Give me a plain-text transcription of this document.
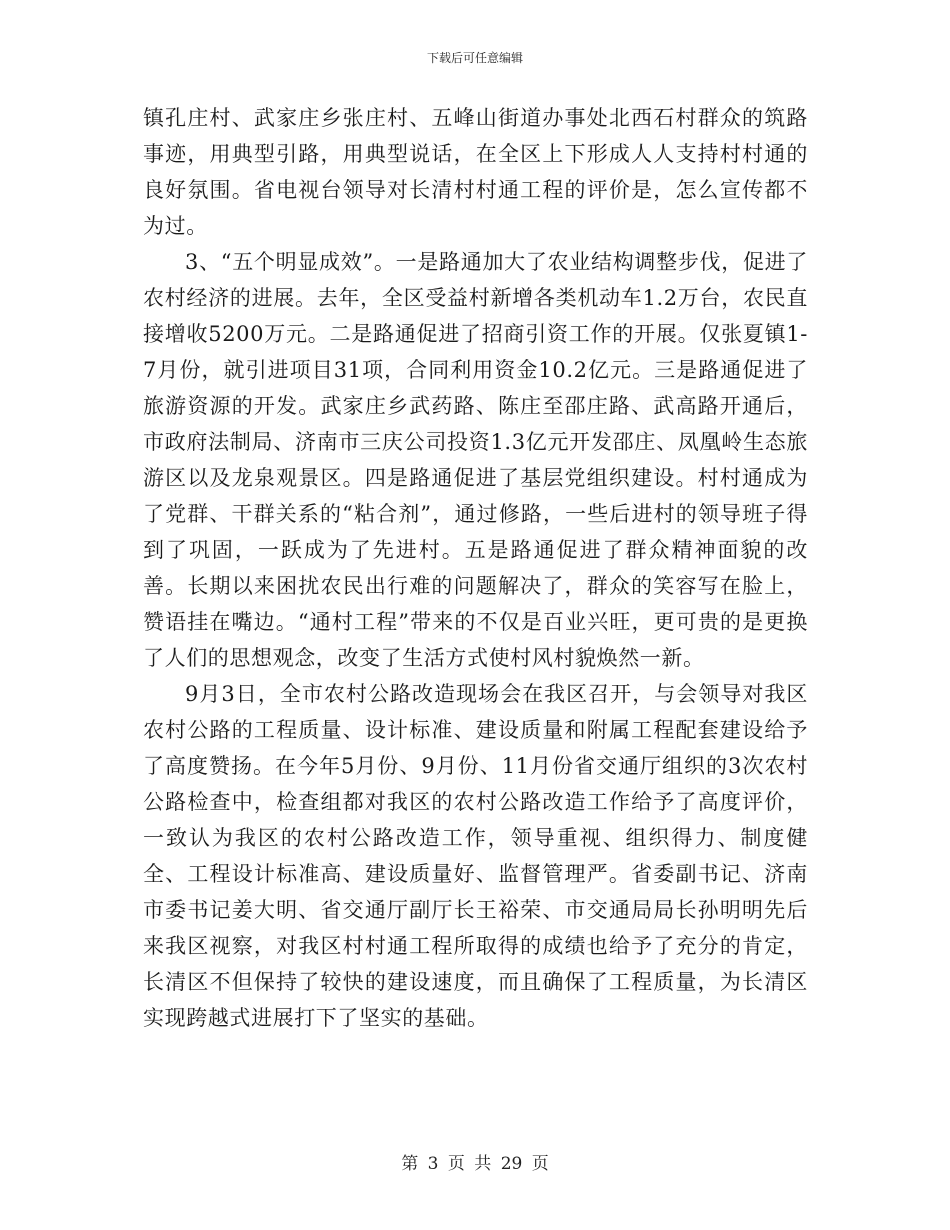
下载后可任意编辑

镇孔庄村、武家庄乡张庄村、五峰山街道办事处北西石村群众的筑路事迹，用典型引路，用典型说话，在全区上下形成人人支持村村通的良好氛围。省电视台领导对长清村村通工程的评价是，怎么宣传都不为过。

3、“五个明显成效”。一是路通加大了农业结构调整步伐，促进了农村经济的进展。去年，全区受益村新增各类机动车1.2万台，农民直接增收5200万元。二是路通促进了招商引资工作的开展。仅张夏镇1-7月份，就引进项目31项，合同利用资金10.2亿元。三是路通促进了旅游资源的开发。武家庄乡武药路、陈庄至邵庄路、武高路开通后，市政府法制局、济南市三庆公司投资1.3亿元开发邵庄、凤凰岭生态旅游区以及龙泉观景区。四是路通促进了基层党组织建设。村村通成为了党群、干群关系的“粘合剂”，通过修路，一些后进村的领导班子得到了巩固，一跃成为了先进村。五是路通促进了群众精神面貌的改善。长期以来困扰农民出行难的问题解决了，群众的笑容写在脸上，赞语挂在嘴边。“通村工程”带来的不仅是百业兴旺，更可贵的是更换了人们的思想观念，改变了生活方式使村风村貌焕然一新。

9月3日，全市农村公路改造现场会在我区召开，与会领导对我区农村公路的工程质量、设计标准、建设质量和附属工程配套建设给予了高度赞扬。在今年5月份、9月份、11月份省交通厅组织的3次农村公路检查中，检查组都对我区的农村公路改造工作给予了高度评价，一致认为我区的农村公路改造工作，领导重视、组织得力、制度健全、工程设计标准高、建设质量好、监督管理严。省委副书记、济南市委书记姜大明、省交通厅副厅长王裕荣、市交通局局长孙明明先后来我区视察，对我区村村通工程所取得的成绩也给予了充分的肯定，长清区不但保持了较快的建设速度，而且确保了工程质量，为长清区实现跨越式进展打下了坚实的基础。

第 3 页 共 29 页
